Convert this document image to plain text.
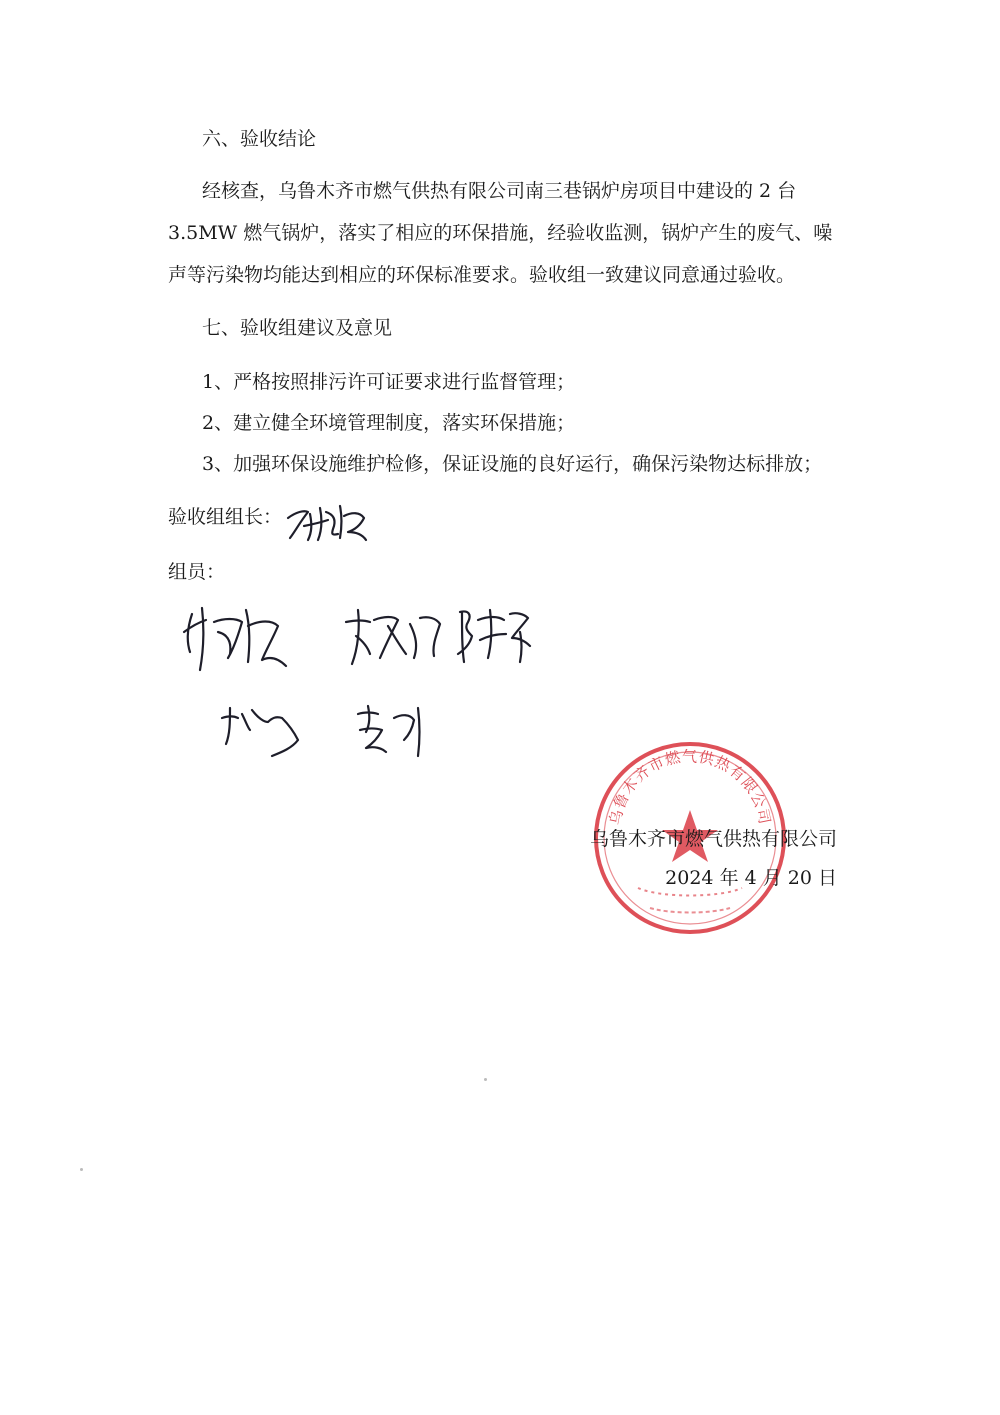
六、验收结论
经核查，乌鲁木齐市燃气供热有限公司南三巷锅炉房项目中建设的 2 台
3.5MW 燃气锅炉，落实了相应的环保措施，经验收监测，锅炉产生的废气、噪
声等污染物均能达到相应的环保标准要求。验收组一致建议同意通过验收。
七、验收组建议及意见
1、严格按照排污许可证要求进行监督管理；
2、建立健全环境管理制度，落实环保措施；
3、加强环保设施维护检修，保证设施的良好运行，确保污染物达标排放；
验收组组长：
组员：
乌鲁木齐市燃气供热有限公司
乌鲁木齐市燃气供热有限公司
2024 年 4 月 20 日
